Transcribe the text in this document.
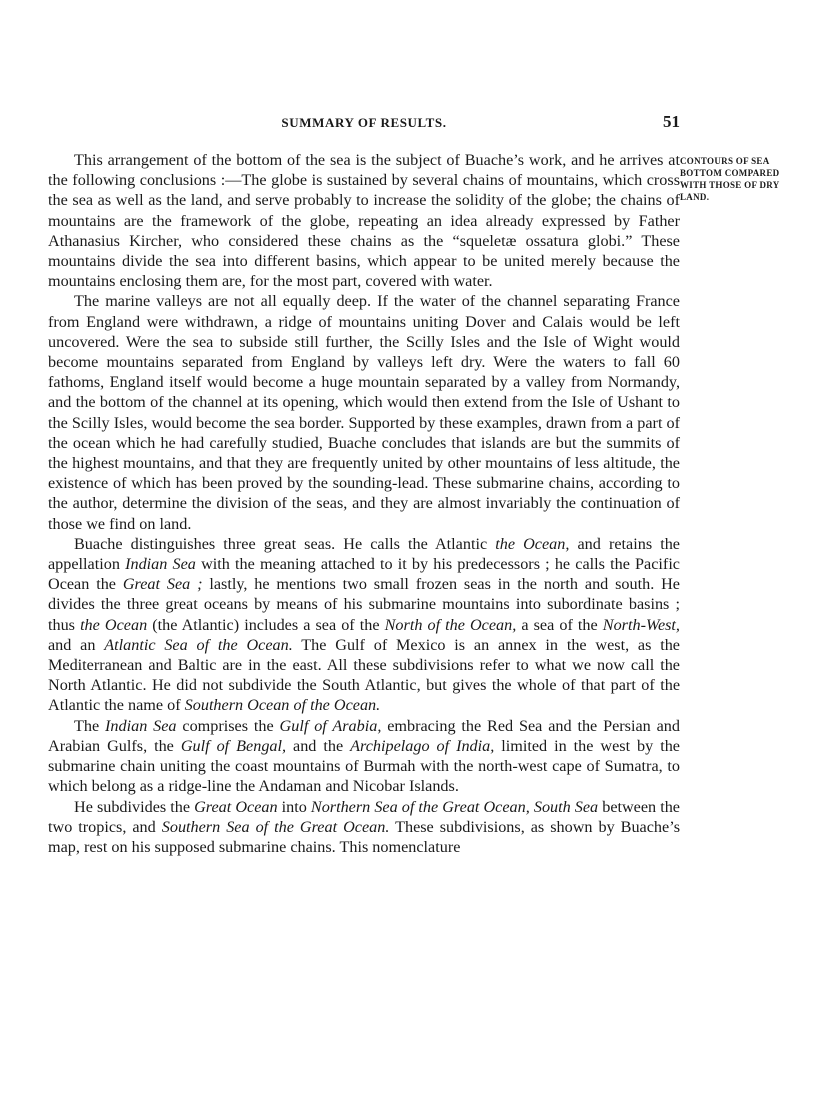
SUMMARY OF RESULTS.	51
CONTOURS OF SEA BOTTOM COMPARED WITH THOSE OF DRY LAND.

This arrangement of the bottom of the sea is the subject of Buache’s work, and he arrives at the following conclusions :—The globe is sustained by several chains of mountains, which cross the sea as well as the land, and serve probably to increase the solidity of the globe; the chains of mountains are the framework of the globe, repeating an idea already expressed by Father Athanasius Kircher, who considered these chains as the “squeletæ ossatura globi.” These mountains divide the sea into different basins, which appear to be united merely because the mountains enclosing them are, for the most part, covered with water.

The marine valleys are not all equally deep. If the water of the channel separating France from England were withdrawn, a ridge of mountains uniting Dover and Calais would be left uncovered. Were the sea to subside still further, the Scilly Isles and the Isle of Wight would become mountains separated from England by valleys left dry. Were the waters to fall 60 fathoms, England itself would become a huge mountain separated by a valley from Normandy, and the bottom of the channel at its opening, which would then extend from the Isle of Ushant to the Scilly Isles, would become the sea border. Supported by these examples, drawn from a part of the ocean which he had carefully studied, Buache concludes that islands are but the summits of the highest mountains, and that they are frequently united by other mountains of less altitude, the existence of which has been proved by the sounding-lead. These submarine chains, according to the author, determine the division of the seas, and they are almost invariably the continuation of those we find on land.

Buache distinguishes three great seas. He calls the Atlantic the Ocean, and retains the appellation Indian Sea with the meaning attached to it by his predecessors ; he calls the Pacific Ocean the Great Sea ; lastly, he mentions two small frozen seas in the north and south. He divides the three great oceans by means of his submarine mountains into subordinate basins ; thus the Ocean (the Atlantic) includes a sea of the North of the Ocean, a sea of the North-West, and an Atlantic Sea of the Ocean. The Gulf of Mexico is an annex in the west, as the Mediterranean and Baltic are in the east. All these subdivisions refer to what we now call the North Atlantic. He did not subdivide the South Atlantic, but gives the whole of that part of the Atlantic the name of Southern Ocean of the Ocean.

The Indian Sea comprises the Gulf of Arabia, embracing the Red Sea and the Persian and Arabian Gulfs, the Gulf of Bengal, and the Archipelago of India, limited in the west by the submarine chain uniting the coast mountains of Burmah with the north-west cape of Sumatra, to which belong as a ridge-line the Andaman and Nicobar Islands.

He subdivides the Great Ocean into Northern Sea of the Great Ocean, South Sea between the two tropics, and Southern Sea of the Great Ocean. These subdivisions, as shown by Buache’s map, rest on his supposed submarine chains. This nomenclature
